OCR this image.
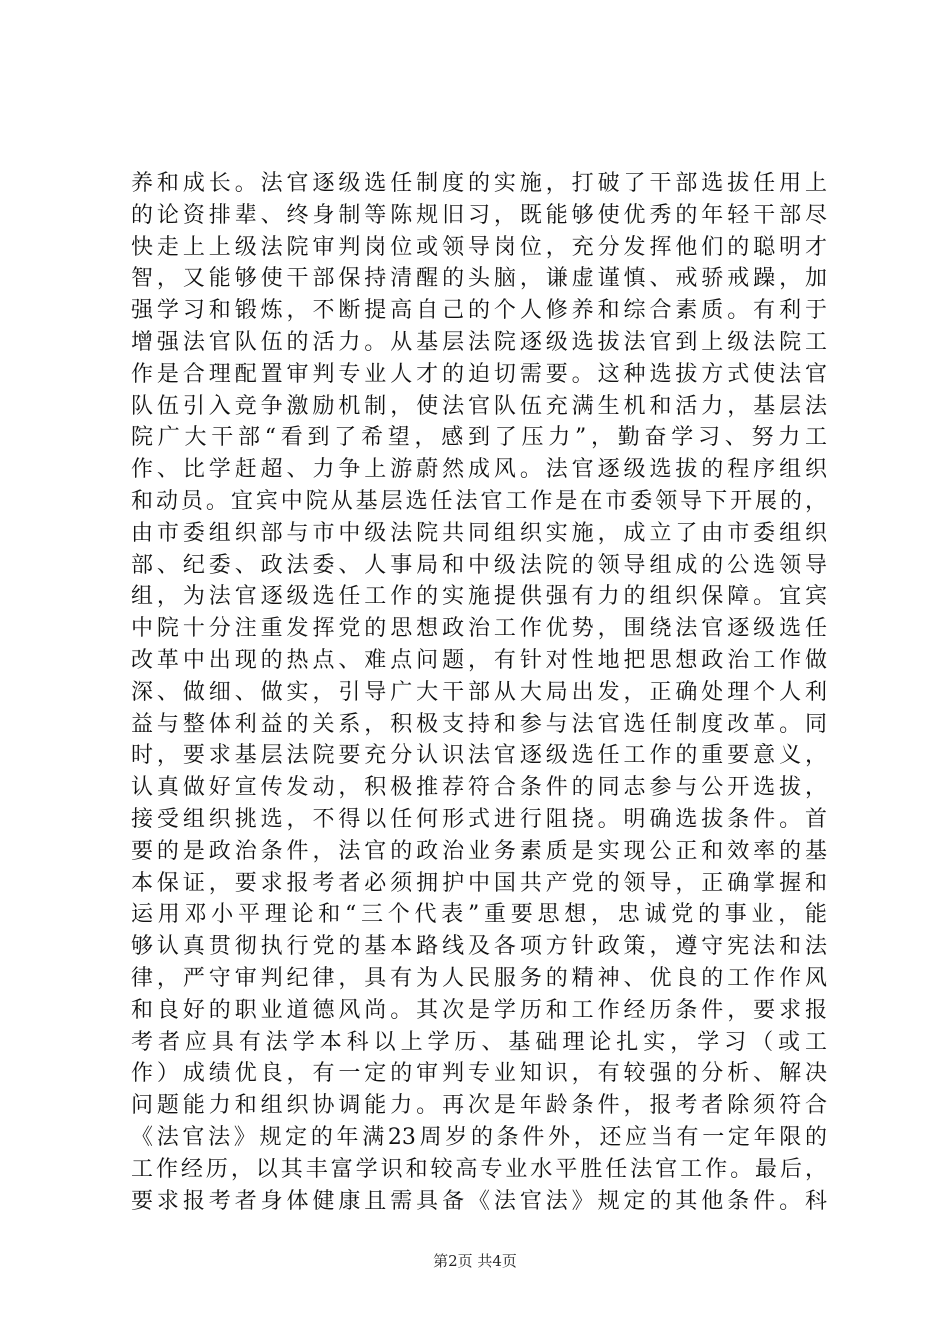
养和成长。法官逐级选任制度的实施，打破了干部选拔任用上
的论资排辈、终身制等陈规旧习，既能够使优秀的年轻干部尽
快走上上级法院审判岗位或领导岗位，充分发挥他们的聪明才
智，又能够使干部保持清醒的头脑，谦虚谨慎、戒骄戒躁，加
强学习和锻炼，不断提高自己的个人修养和综合素质。有利于
增强法官队伍的活力。从基层法院逐级选拔法官到上级法院工
作是合理配置审判专业人才的迫切需要。这种选拔方式使法官
队伍引入竞争激励机制，使法官队伍充满生机和活力，基层法
院广大干部“看到了希望，感到了压力”，勤奋学习、努力工
作、比学赶超、力争上游蔚然成风。法官逐级选拔的程序组织
和动员。宜宾中院从基层选任法官工作是在市委领导下开展的，
由市委组织部与市中级法院共同组织实施，成立了由市委组织
部、纪委、政法委、人事局和中级法院的领导组成的公选领导
组，为法官逐级选任工作的实施提供强有力的组织保障。宜宾
中院十分注重发挥党的思想政治工作优势，围绕法官逐级选任
改革中出现的热点、难点问题，有针对性地把思想政治工作做
深、做细、做实，引导广大干部从大局出发，正确处理个人利
益与整体利益的关系，积极支持和参与法官选任制度改革。同
时，要求基层法院要充分认识法官逐级选任工作的重要意义，
认真做好宣传发动，积极推荐符合条件的同志参与公开选拔，
接受组织挑选，不得以任何形式进行阻挠。明确选拔条件。首
要的是政治条件，法官的政治业务素质是实现公正和效率的基
本保证，要求报考者必须拥护中国共产党的领导，正确掌握和
运用邓小平理论和“三个代表”重要思想，忠诚党的事业，能
够认真贯彻执行党的基本路线及各项方针政策，遵守宪法和法
律，严守审判纪律，具有为人民服务的精神、优良的工作作风
和良好的职业道德风尚。其次是学历和工作经历条件，要求报
考者应具有法学本科以上学历、基础理论扎实，学习（或工
作）成绩优良，有一定的审判专业知识，有较强的分析、解决
问题能力和组织协调能力。再次是年龄条件，报考者除须符合
《法官法》规定的年满23周岁的条件外，还应当有一定年限的
工作经历，以其丰富学识和较高专业水平胜任法官工作。最后，
要求报考者身体健康且需具备《法官法》规定的其他条件。科
第2页 共4页
